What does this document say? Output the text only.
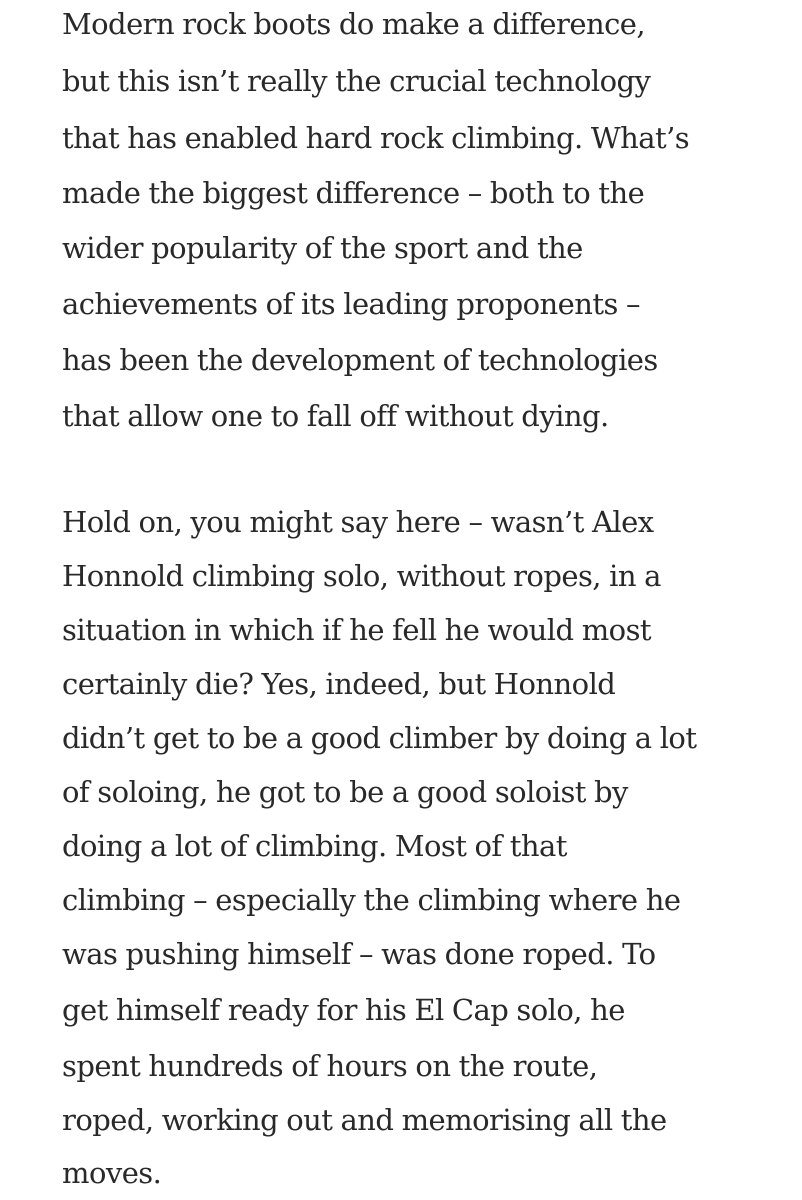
Modern rock boots do make a difference,
but this isn’t really the crucial technology
that has enabled hard rock climbing. What’s
made the biggest difference – both to the
wider popularity of the sport and the
achievements of its leading proponents –
has been the development of technologies
that allow one to fall off without dying.
Hold on, you might say here – wasn’t Alex
Honnold climbing solo, without ropes, in a
situation in which if he fell he would most
certainly die? Yes, indeed, but Honnold
didn’t get to be a good climber by doing a lot
of soloing, he got to be a good soloist by
doing a lot of climbing. Most of that
climbing – especially the climbing where he
was pushing himself – was done roped. To
get himself ready for his El Cap solo, he
spent hundreds of hours on the route,
roped, working out and memorising all the
moves.
